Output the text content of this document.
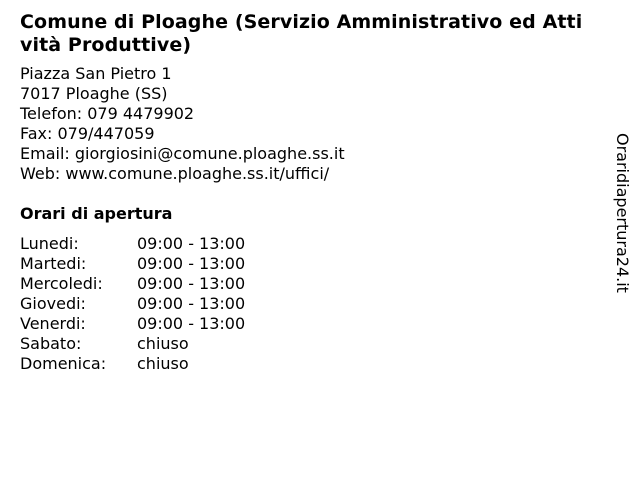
Comune di Ploaghe (Servizio Amministrativo ed Atti
vità Produttive)
Piazza San Pietro 1
7017 Ploaghe (SS)
Telefon: 079 4479902
Fax: 079/447059
Email: giorgiosini@comune.ploaghe.ss.it
Web: www.comune.ploaghe.ss.it/uffici/
Orari di apertura
Lunedi:	09:00 - 13:00
Martedi:	09:00 - 13:00
Mercoledi: 09:00 - 13:00
Giovedi:	09:00 - 13:00
Venerdi:	09:00 - 13:00
Sabato:	chiuso
Domenica: chiuso
Oraridiapertura24.it
